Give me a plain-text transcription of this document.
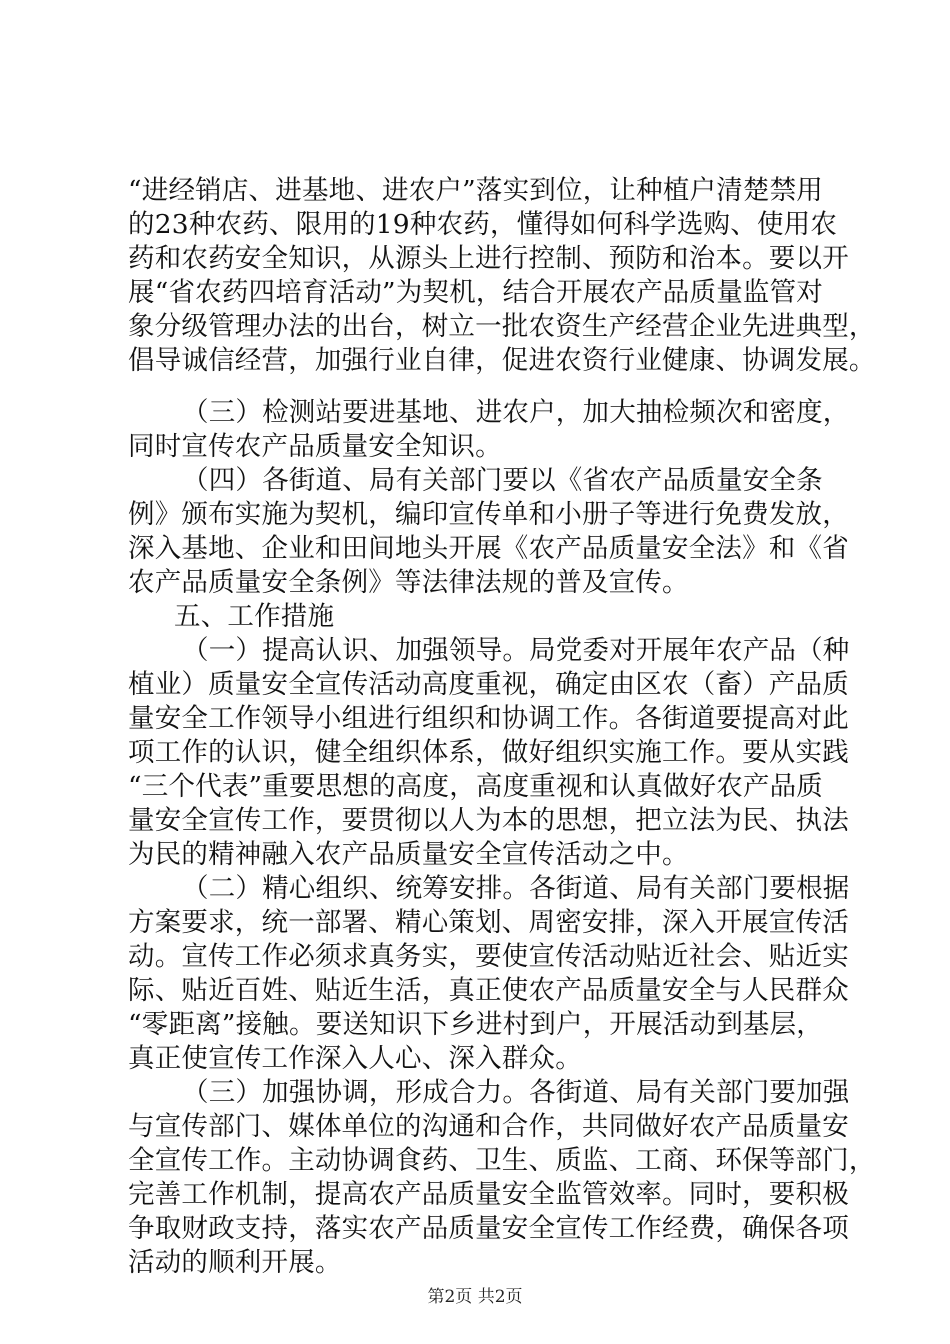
“进经销店、进基地、进农户”落实到位，让种植户清楚禁用
的23种农药、限用的19种农药，懂得如何科学选购、使用农
药和农药安全知识，从源头上进行控制、预防和治本。要以开
展“省农药四培育活动”为契机，结合开展农产品质量监管对
象分级管理办法的出台，树立一批农资生产经营企业先进典型，
倡导诚信经营，加强行业自律，促进农资行业健康、协调发展。
（三）检测站要进基地、进农户，加大抽检频次和密度，
同时宣传农产品质量安全知识。
（四）各街道、局有关部门要以《省农产品质量安全条
例》颁布实施为契机，编印宣传单和小册子等进行免费发放，
深入基地、企业和田间地头开展《农产品质量安全法》和《省
农产品质量安全条例》等法律法规的普及宣传。
五、工作措施
（一）提高认识、加强领导。局党委对开展年农产品（种
植业）质量安全宣传活动高度重视，确定由区农（畜）产品质
量安全工作领导小组进行组织和协调工作。各街道要提高对此
项工作的认识，健全组织体系，做好组织实施工作。要从实践
“三个代表”重要思想的高度，高度重视和认真做好农产品质
量安全宣传工作，要贯彻以人为本的思想，把立法为民、执法
为民的精神融入农产品质量安全宣传活动之中。
（二）精心组织、统筹安排。各街道、局有关部门要根据
方案要求，统一部署、精心策划、周密安排，深入开展宣传活
动。宣传工作必须求真务实，要使宣传活动贴近社会、贴近实
际、贴近百姓、贴近生活，真正使农产品质量安全与人民群众
“零距离”接触。要送知识下乡进村到户，开展活动到基层，
真正使宣传工作深入人心、深入群众。
（三）加强协调，形成合力。各街道、局有关部门要加强
与宣传部门、媒体单位的沟通和合作，共同做好农产品质量安
全宣传工作。主动协调食药、卫生、质监、工商、环保等部门，
完善工作机制，提高农产品质量安全监管效率。同时，要积极
争取财政支持，落实农产品质量安全宣传工作经费，确保各项
活动的顺利开展。
第2页 共2页
